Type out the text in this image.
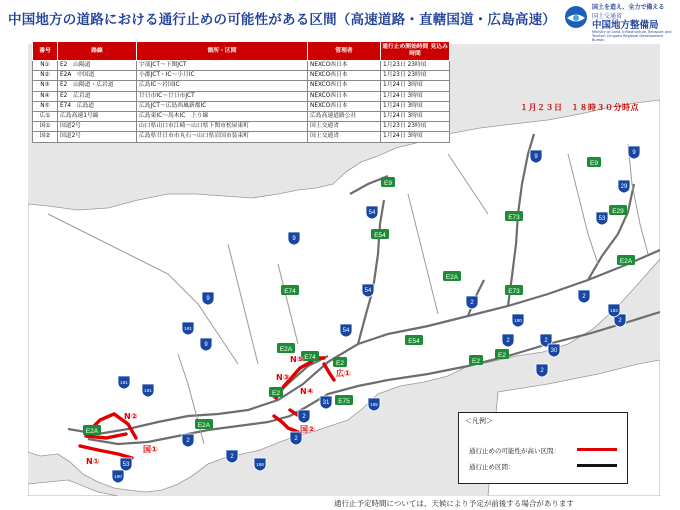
中国地方の道路における通行止めの可能性がある区間（高速道路・直轄国道・広島高速）
国土を造え、全力で備える
国土交通省
中国地方整備局
Ministry of Land, Infrastructure,Transport and Tourism Chugoku Regional Development Bureau
E9
E9
E73
E29
E54
E2A
E2A
E74	E73
E2A
E54
E2
E74
E2
E2
E75
E2A
E2A
E2
9
9
29
53
54
9
54
9
191
9
191
2
2
191
2
2
190
188
2
54
31	185
2
183
2
180
30
2
2
53
2
N①
N②
国①
N③
N④
N⑤
広①
国②
番号	路線	箇所・区間	管理者	通行止め開始時間 見込み時間
N①	E2　山陽道	宇部JCT～下関JCT	NEXCO西日本	1月23日 23時頃
N②	E2A　中国道	小郡JCT・IC～小月IC	NEXCO西日本	1月23日 23時頃
N③	E2　山陽道・広岩道	広島IC～岩国IC	NEXCO西日本	1月24日 3時頃
N④	E2　広岩道	廿日市IC～廿日市JCT	NEXCO西日本	1月24日 3時頃
N⑤	E74　広島道	広島JCT～広島西風新都IC	NEXCO西日本	1月24日 3時頃
広①	広島高速1号線	広島東IC～馬木IC　上り線	広島高速道路公社	1月24日 3時頃
国①	国道2号	山口県山口市江崎～山口県下関市松屋東町	国土交通省	1月23日 23時頃
国②	国道2号	広島県廿日市市丸石～山口県岩国市装束町	国土交通省	1月24日 3時頃
１月２３日　１８時３０分時点
＜凡例＞
通行止めの可能性が高い区間：
通行止め区間：
通行止予定時間については、天候により予定が前後する場合があります
